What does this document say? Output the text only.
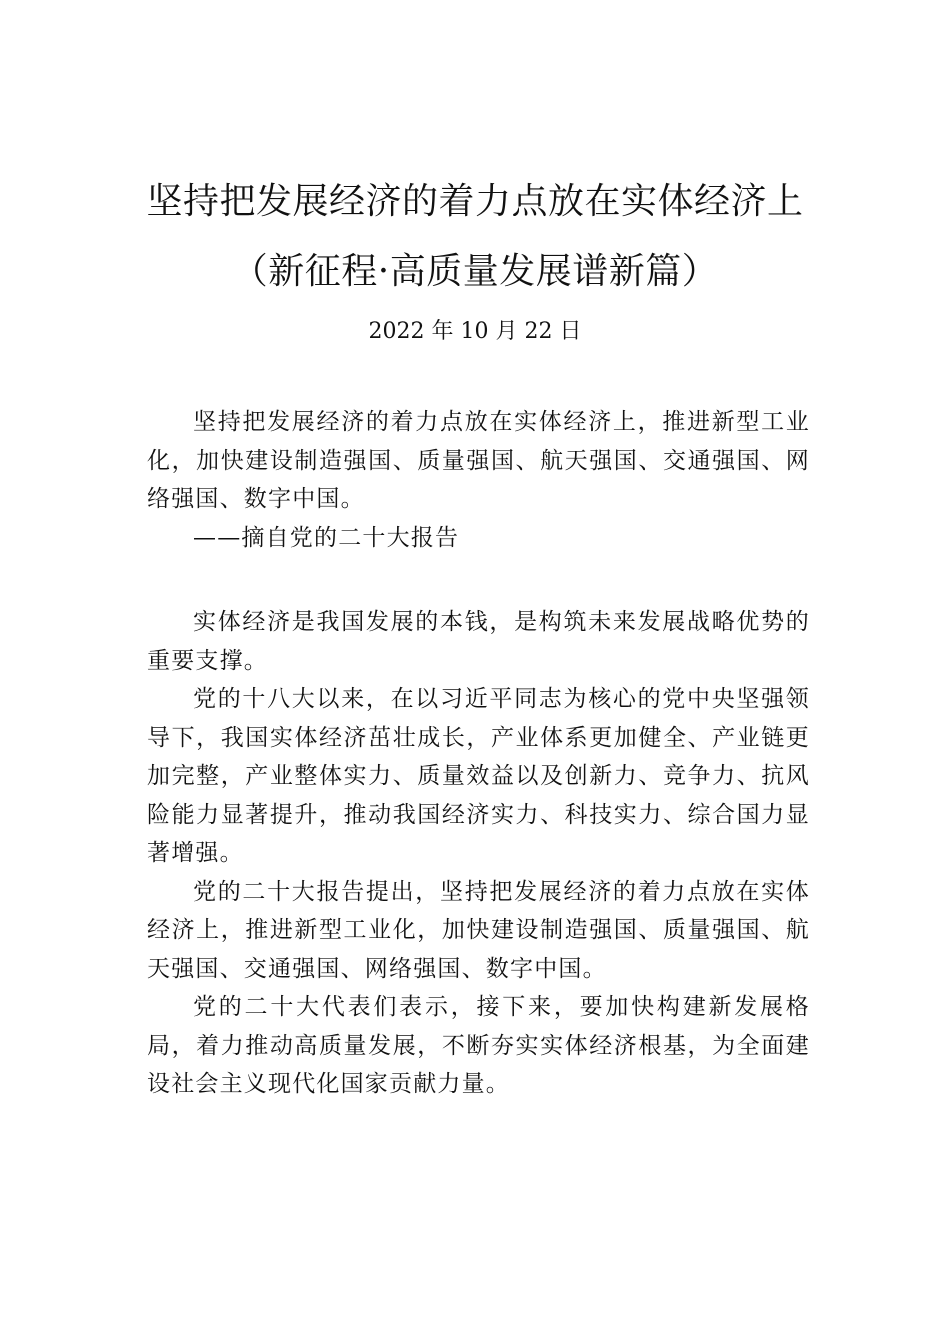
坚持把发展经济的着力点放在实体经济上
（新征程·高质量发展谱新篇）
2022 年 10 月 22 日

坚持把发展经济的着力点放在实体经济上，推进新型工业化，加快建设制造强国、质量强国、航天强国、交通强国、网络强国、数字中国。

——摘自党的二十大报告

实体经济是我国发展的本钱，是构筑未来发展战略优势的重要支撑。

党的十八大以来，在以习近平同志为核心的党中央坚强领导下，我国实体经济茁壮成长，产业体系更加健全、产业链更加完整，产业整体实力、质量效益以及创新力、竞争力、抗风险能力显著提升，推动我国经济实力、科技实力、综合国力显著增强。

党的二十大报告提出，坚持把发展经济的着力点放在实体经济上，推进新型工业化，加快建设制造强国、质量强国、航天强国、交通强国、网络强国、数字中国。

党的二十大代表们表示，接下来，要加快构建新发展格局，着力推动高质量发展，不断夯实实体经济根基，为全面建设社会主义现代化国家贡献力量。
